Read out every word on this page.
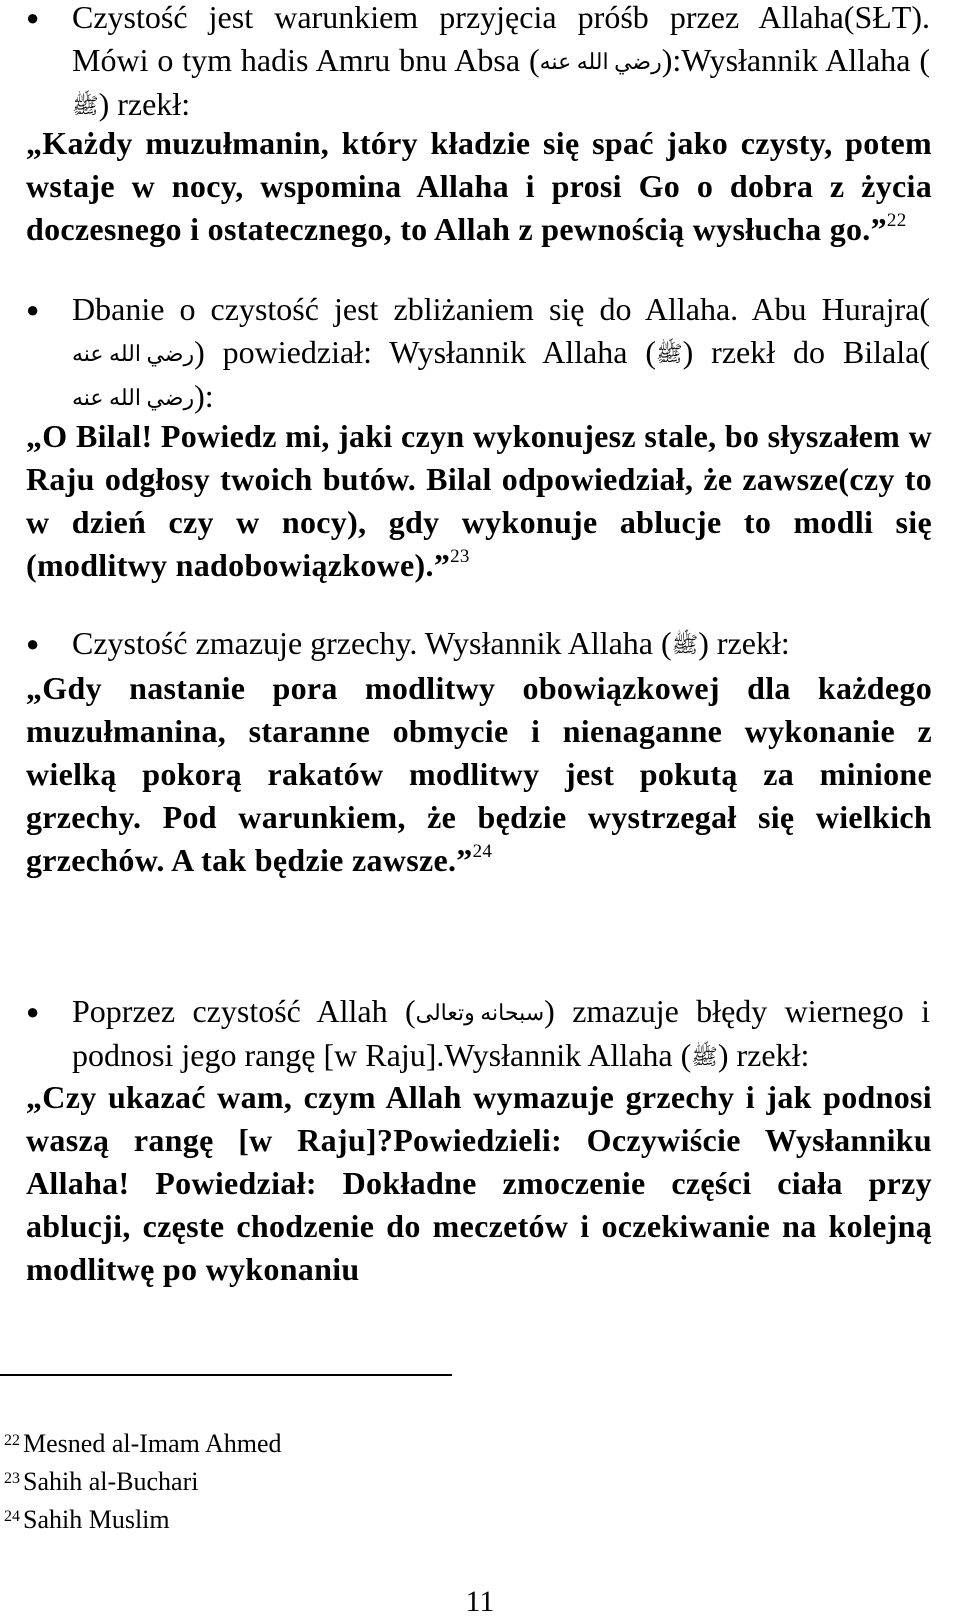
●	Czystość jest warunkiem przyjęcia próśb przez Allaha(SŁT). Mówi o tym hadis Amru bnu Absa (رضي الله عنه):Wysłannik Allaha (ﷺ) rzekł:
„Każdy muzułmanin, który kładzie się spać jako czysty, potem wstaje w nocy, wspomina Allaha i prosi Go o dobra z życia doczesnego i ostatecznego, to Allah z pewnością wysłucha go.”$^{22}$
●	Dbanie o czystość jest zbliżaniem się do Allaha. Abu Hurajra(رضي الله عنه) powiedział: Wysłannik Allaha (ﷺ) rzekł do Bilala(رضي الله عنه):
„O Bilal! Powiedz mi, jaki czyn wykonujesz stale, bo słyszałem w Raju odgłosy twoich butów. Bilal odpowiedział, że zawsze(czy to w dzień czy w nocy), gdy wykonuje ablucje to modli się (modlitwy nadobowiązkowe).”$^{23}$
●	Czystość zmazuje grzechy. Wysłannik Allaha (ﷺ) rzekł:
„Gdy nastanie pora modlitwy obowiązkowej dla każdego muzułmanina, staranne obmycie i nienaganne wykonanie z wielką pokorą rakatów modlitwy jest pokutą za minione grzechy. Pod warunkiem, że będzie wystrzegał się wielkich grzechów. A tak będzie zawsze.”$^{24}$
●	Poprzez czystość Allah (سبحانه وتعالى) zmazuje błędy wiernego i podnosi jego rangę [w Raju].Wysłannik Allaha (ﷺ) rzekł:
„Czy ukazać wam, czym Allah wymazuje grzechy i jak podnosi waszą rangę [w Raju]?Powiedzieli: Oczywiście Wysłanniku Allaha! Powiedział: Dokładne zmoczenie części ciała przy ablucji, częste chodzenie do meczetów i oczekiwanie na kolejną modlitwę po wykonaniu
$^{22}$ Mesned al-Imam Ahmed
$^{23}$ Sahih al-Buchari
$^{24}$ Sahih Muslim
11
